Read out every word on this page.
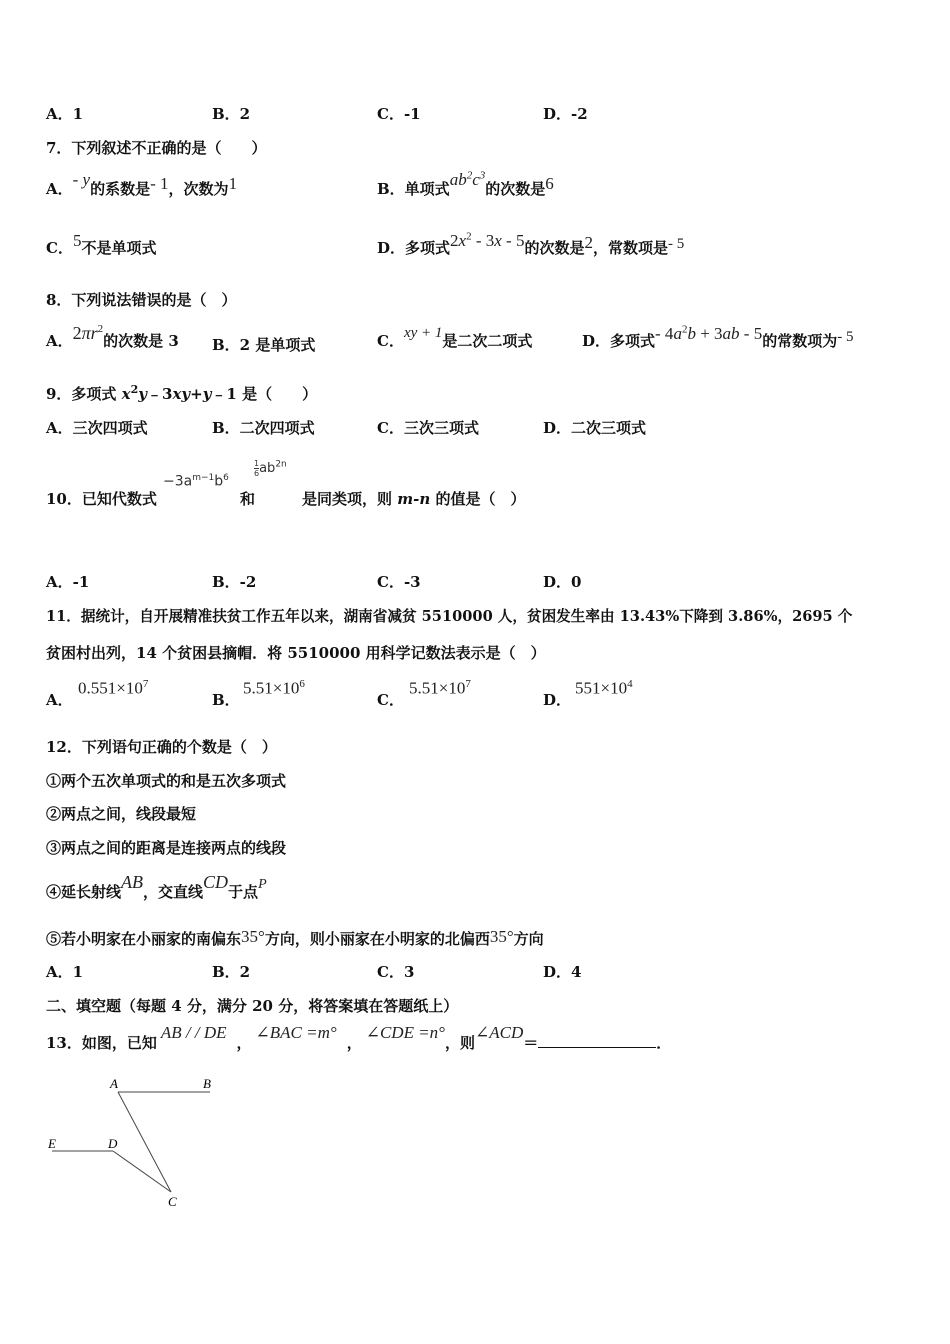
A．1	B．2	C．-1	D．-2
7．下列叙述不正确的是（　　）
A．- y的系数是- 1，次数为1	B．单项式$ab^2c^3$的次数是6
C．5不是单项式	D．多项式$2x^2 - 3x - 5$的次数是2，常数项是- 5
8．下列说法错误的是（　）
A．$2\pi r^2$的次数是 3 B．2 是单项式	C．xy + 1是二次二项式	D．多项式- $4a^2b + 3ab - 5$的常数项为- 5
9．多项式 $x^2y﹣3xy+y﹣1$ 是（　　）
A．三次四项式	B．二次四项式	C．三次三项式	D．二次三项式
10．已知代数式
$-3a^{m-1}b^6$
和
$\frac{1}{6} ab^{2n}$
是同类项，则 m-n 的值是（　）
A．-1	B．-2	C．-3	D．0
11．据统计，自开展精准扶贫工作五年以来，湖南省减贫 5510000 人，贫困发生率由 13.43%下降到 3.86%，2695 个
贫困村出列，14 个贫困县摘帽．将 5510000 用科学记数法表示是（　）
A．
$0.551\times 10^7$
B．
$5.51\times 10^6$
C．
$5.51\times 10^7$
D．
$551\times 10^4$
12．下列语句正确的个数是（　）
①两个五次单项式的和是五次多项式
②两点之间，线段最短
③两点之间的距离是连接两点的线段
④延长射线AB，交直线CD于点P
⑤若小明家在小丽家的南偏东35°方向，则小丽家在小明家的北偏西35°方向
A．1	B．2	C．3	D．4
二、填空题（每题 4 分，满分 20 分，将答案填在答题纸上）
13．如图，已知AB / / DE，∠BAC =m°，∠CDE =n°，则∠ACD＝	．
A	B
E	D
C
